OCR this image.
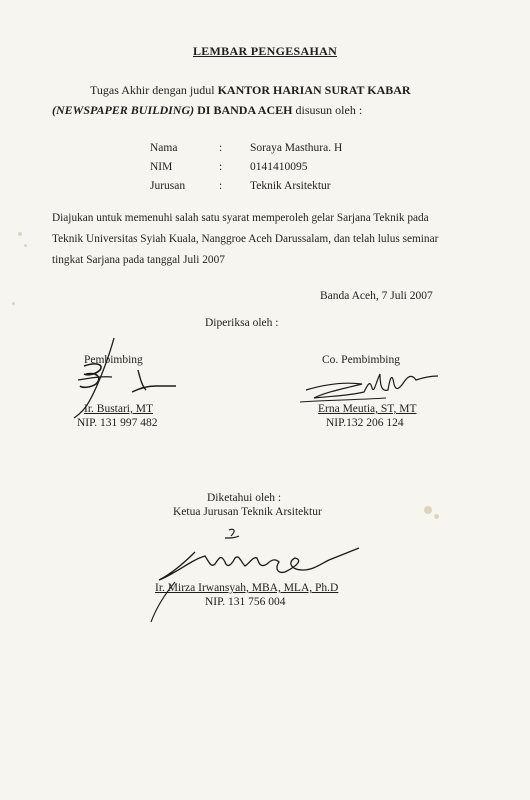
LEMBAR PENGESAHAN
Tugas Akhir dengan judul KANTOR HARIAN SURAT KABAR
(NEWSPAPER BUILDING) DI BANDA ACEH disusun oleh :
Nama	: Soraya Masthura. H
NIM	: 0141410095
Jurusan	: Teknik Arsitektur
Diajukan untuk memenuhi salah satu syarat memperoleh gelar Sarjana Teknik pada
Teknik Universitas Syiah Kuala, Nanggroe Aceh Darussalam, dan telah lulus seminar
tingkat Sarjana pada tanggal Juli 2007
Banda Aceh, 7 Juli 2007
Diperiksa oleh :
Pembimbing
Ir. Bustari, MT
NIP. 131 997 482
Co. Pembimbing
Erna Meutia, ST, MT
NIP.132 206 124
Diketahui oleh :
Ketua Jurusan Teknik Arsitektur
Ir. Mirza Irwansyah, MBA, MLA, Ph.D
NIP. 131 756 004
